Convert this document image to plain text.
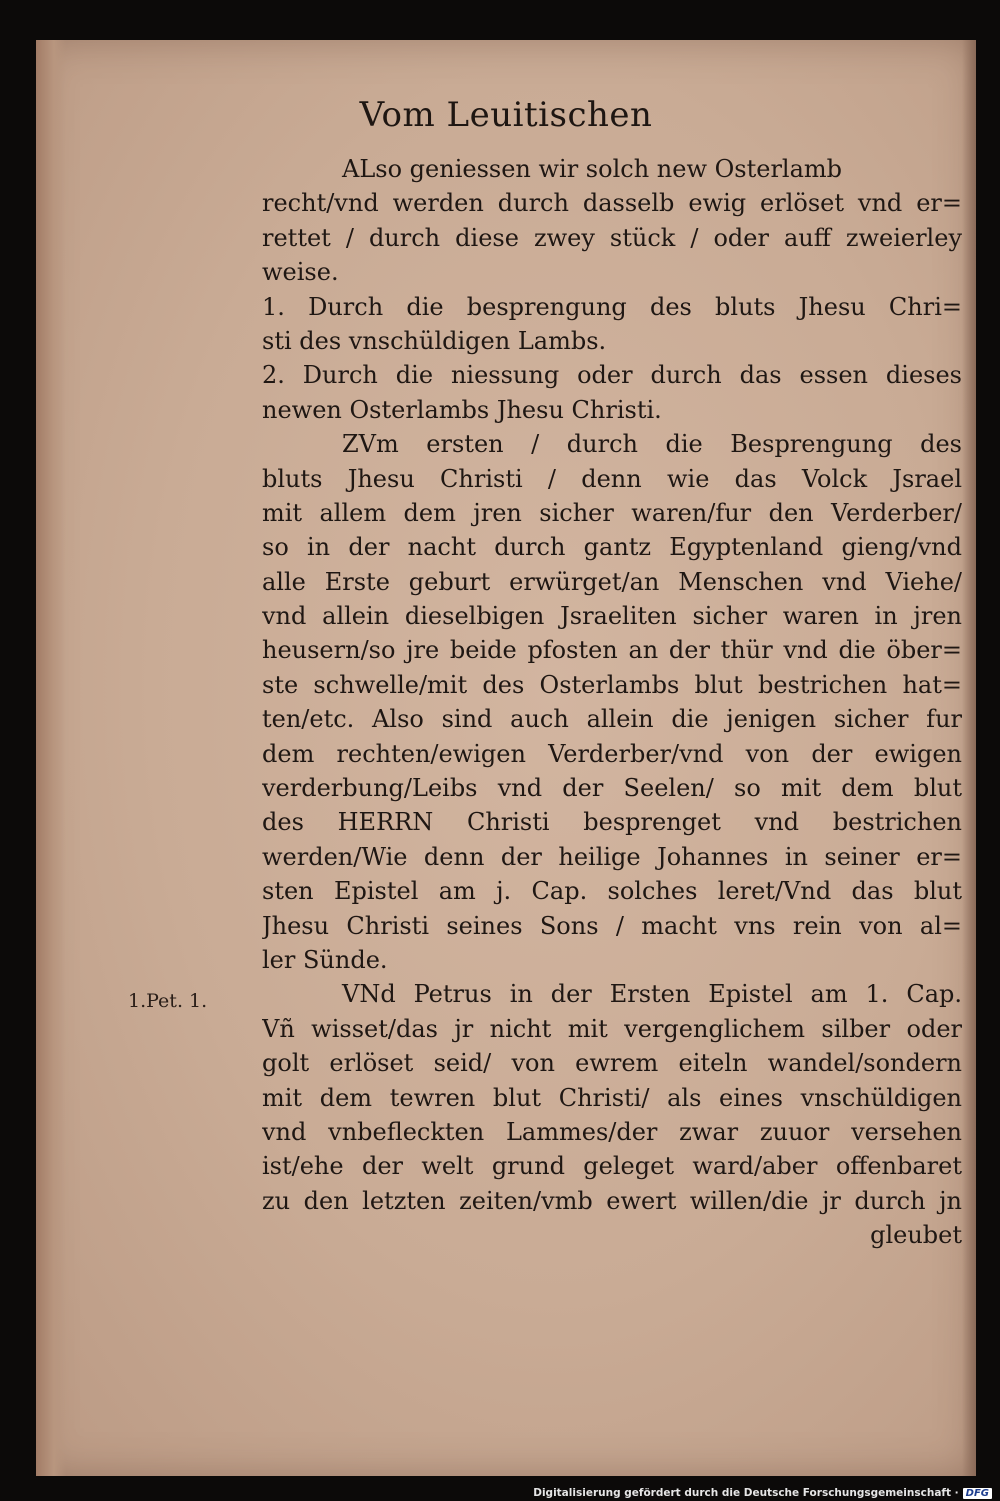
Vom Leuitischen
1.Pet. 1.
ALso geniessen wir solch new Osterlamb
recht/vnd werden durch dasselb ewig erlöset vnd er=
rettet / durch diese zwey stück / oder auff zweierley
weise.
1. Durch die besprengung des bluts Jhesu Chri=
sti des vnschüldigen Lambs.
2. Durch die niessung oder durch das essen dieses
newen Osterlambs Jhesu Christi.
ZVm ersten / durch die Besprengung des
bluts Jhesu Christi / denn wie das Volck Jsrael
mit allem dem jren sicher waren/fur den Verderber/
so in der nacht durch gantz Egyptenland gieng/vnd
alle Erste geburt erwürget/an Menschen vnd Viehe/
vnd allein dieselbigen Jsraeliten sicher waren in jren
heusern/so jre beide pfosten an der thür vnd die öber=
ste schwelle/mit des Osterlambs blut bestrichen hat=
ten/etc. Also sind auch allein die jenigen sicher fur
dem rechten/ewigen Verderber/vnd von der ewigen
verderbung/Leibs vnd der Seelen/ so mit dem blut
des HERRN Christi besprenget vnd bestrichen
werden/Wie denn der heilige Johannes in seiner er=
sten Epistel am j. Cap. solches leret/Vnd das blut
Jhesu Christi seines Sons / macht vns rein von al=
ler Sünde.
VNd Petrus in der Ersten Epistel am 1. Cap.
Vñ wisset/das jr nicht mit vergenglichem silber oder
golt erlöset seid/ von ewrem eiteln wandel/sondern
mit dem tewren blut Christi/ als eines vnschüldigen
vnd vnbefleckten Lammes/der zwar zuuor versehen
ist/ehe der welt grund geleget ward/aber offenbaret
zu den letzten zeiten/vmb ewert willen/die jr durch jn
gleubet
Digitalisierung gefördert durch die Deutsche Forschungsgemeinschaft · DFG
